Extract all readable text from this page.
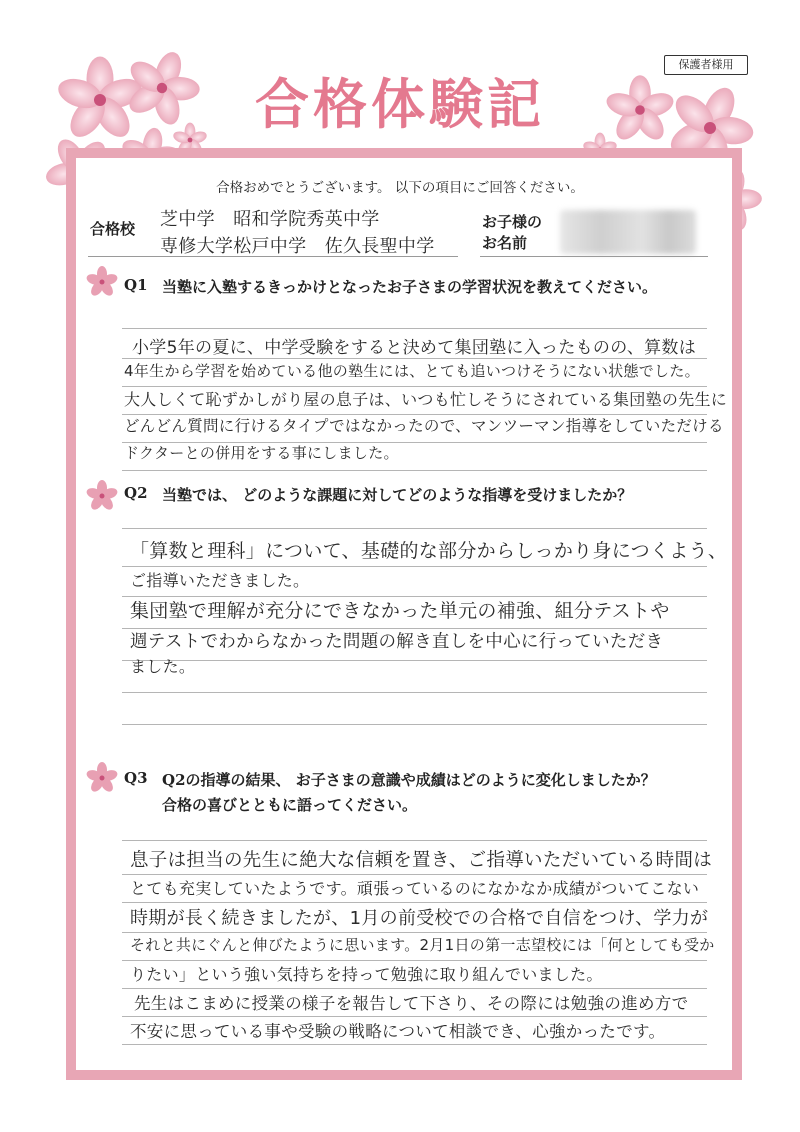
保護者様用
合格体験記
合格おめでとうございます。 以下の項目にご回答ください。
合格校 芝中学　昭和学院秀英中学
専修大学松戸中学　佐久長聖中学
お子様の
お名前
Q1 当塾に入塾するきっかけとなったお子さまの学習状況を教えてください。
小学5年の夏に、中学受験をすると決めて集団塾に入ったものの、算数は
4年生から学習を始めている他の塾生には、とても追いつけそうにない状態でした。
大人しくて恥ずかしがり屋の息子は、いつも忙しそうにされている集団塾の先生に
どんどん質問に行けるタイプではなかったので、マンツーマン指導をしていただける
ドクターとの併用をする事にしました。
Q2 当塾では、 どのような課題に対してどのような指導を受けましたか？
「算数と理科」について、基礎的な部分からしっかり身につくよう、
ご指導いただきました。
集団塾で理解が充分にできなかった単元の補強、組分テストや
週テストでわからなかった問題の解き直しを中心に行っていただき
ました。
Q3 Q2の指導の結果、 お子さまの意識や成績はどのように変化しましたか？
合格の喜びとともに語ってください。
息子は担当の先生に絶大な信頼を置き、ご指導いただいている時間は
とても充実していたようです。頑張っているのになかなか成績がついてこない
時期が長く続きましたが、1月の前受校での合格で自信をつけ、学力が
それと共にぐんと伸びたように思います。2月1日の第一志望校には「何としても受か
りたい」という強い気持ちを持って勉強に取り組んでいました。
先生はこまめに授業の様子を報告して下さり、その際には勉強の進め方で
不安に思っている事や受験の戦略について相談でき、心強かったです。
